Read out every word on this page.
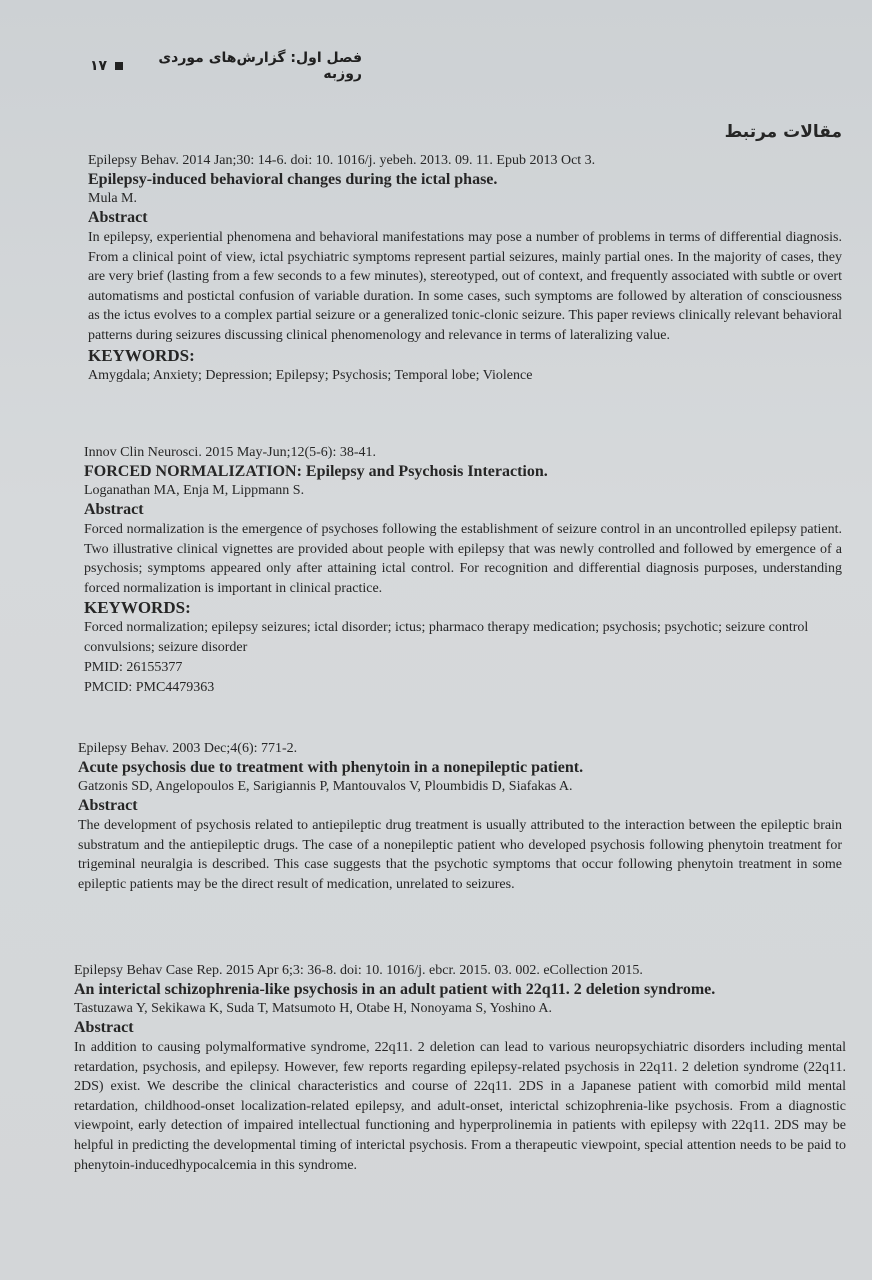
فصل اول: گزارش‌های موردی روزبه
۱۷
مقالات مرتبط
Epilepsy Behav. 2014 Jan;30: 14-6. doi: 10. 1016/j. yebeh. 2013. 09. 11. Epub 2013 Oct 3.
Epilepsy-induced behavioral changes during the ictal phase.
Mula M.
Abstract
In epilepsy, experiential phenomena and behavioral manifestations may pose a number of problems in terms of differential diagnosis. From a clinical point of view, ictal psychiatric symptoms represent partial seizures, mainly partial ones. In the majority of cases, they are very brief (lasting from a few seconds to a few minutes), stereotyped, out of context, and frequently associated with subtle or overt automatisms and postictal confusion of variable duration. In some cases, such symptoms are followed by alteration of consciousness as the ictus evolves to a complex partial seizure or a generalized tonic-clonic seizure. This paper reviews clinically relevant behavioral patterns during seizures discussing clinical phenomenology and relevance in terms of lateralizing value.
KEYWORDS:
Amygdala; Anxiety; Depression; Epilepsy; Psychosis; Temporal lobe; Violence
Innov Clin Neurosci. 2015 May-Jun;12(5-6): 38-41.
FORCED NORMALIZATION: Epilepsy and Psychosis Interaction.
Loganathan MA, Enja M, Lippmann S.
Abstract
Forced normalization is the emergence of psychoses following the establishment of seizure control in an uncontrolled epilepsy patient. Two illustrative clinical vignettes are provided about people with epilepsy that was newly controlled and followed by emergence of a psychosis; symptoms appeared only after attaining ictal control. For recognition and differential diagnosis purposes, understanding forced normalization is important in clinical practice.
KEYWORDS:
Forced normalization; epilepsy seizures; ictal disorder; ictus; pharmaco therapy medication; psychosis; psychotic; seizure control convulsions; seizure disorder
PMID: 26155377
PMCID: PMC4479363
Epilepsy Behav. 2003 Dec;4(6): 771-2.
Acute psychosis due to treatment with phenytoin in a nonepileptic patient.
Gatzonis SD, Angelopoulos E, Sarigiannis P, Mantouvalos V, Ploumbidis D, Siafakas A.
Abstract
The development of psychosis related to antiepileptic drug treatment is usually attributed to the interaction between the epileptic brain substratum and the antiepileptic drugs. The case of a nonepileptic patient who developed psychosis following phenytoin treatment for trigeminal neuralgia is described. This case suggests that the psychotic symptoms that occur following phenytoin treatment in some epileptic patients may be the direct result of medication, unrelated to seizures.
Epilepsy Behav Case Rep. 2015 Apr 6;3: 36-8. doi: 10. 1016/j. ebcr. 2015. 03. 002. eCollection 2015.
An interictal schizophrenia-like psychosis in an adult patient with 22q11. 2 deletion syndrome.
Tastuzawa Y, Sekikawa K, Suda T, Matsumoto H, Otabe H, Nonoyama S, Yoshino A.
Abstract
In addition to causing polymalformative syndrome, 22q11. 2 deletion can lead to various neuropsychiatric disorders including mental retardation, psychosis, and epilepsy. However, few reports regarding epilepsy-related psychosis in 22q11. 2 deletion syndrome (22q11. 2DS) exist. We describe the clinical characteristics and course of 22q11. 2DS in a Japanese patient with comorbid mild mental retardation, childhood-onset localization-related epilepsy, and adult-onset, interictal schizophrenia-like psychosis. From a diagnostic viewpoint, early detection of impaired intellectual functioning and hyperprolinemia in patients with epilepsy with 22q11. 2DS may be helpful in predicting the developmental timing of interictal psychosis. From a therapeutic viewpoint, special attention needs to be paid to phenytoin-inducedhypocalcemia in this syndrome.
